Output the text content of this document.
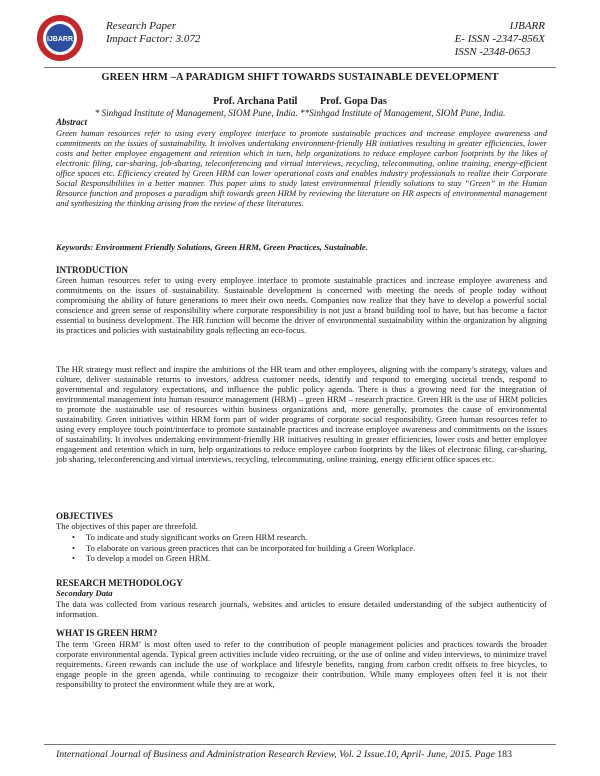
IJBARR
Research Paper
Impact Factor: 3.072
IJBARR
E- ISSN -2347-856X
ISSN -2348-0653
GREEN HRM –A PARADIGM SHIFT TOWARDS SUSTAINABLE DEVELOPMENT
Prof. Archana Patil Prof. Gopa Das
* Sinhgad Institute of Management, SIOM Pune, India. **Sinhgad Institute of Management, SIOM Pune, India.
Abstract
Green human resources refer to using every employee interface to promote sustainable practices and increase employee awareness and commitments on the issues of sustainability. It involves undertaking environment-friendly HR initiatives resulting in greater efficiencies, lower costs and better employee engagement and retention which in turn, help organizations to reduce employee carbon footprints by the likes of electronic filing, car-sharing, job-sharing, teleconferencing and virtual interviews, recycling, telecommuting, online training, energy-efficient office spaces etc. Efficiency created by Green HRM can lower operational costs and enables industry professionals to realize their Corporate Social Responsibilities in a better manner. This paper aims to study latest environmental friendly solutions to stay “Green” in the Human Resource function and proposes a paradigm shift towards green HRM by reviewing the literature on HR aspects of environmental management and synthesizing the thinking arising from the review of these literatures.
Keywords: Environment Friendly Solutions, Green HRM, Green Practices, Sustainable.
INTRODUCTION
Green human resources refer to using every employee interface to promote sustainable practices and increase employee awareness and commitments on the issues of sustainability. Sustainable development is concerned with meeting the needs of people today without compromising the ability of future generations to meet their own needs. Companies now realize that they have to develop a powerful social conscience and green sense of responsibility where corporate responsibility is not just a brand building tool to have, but has become a factor essential to business development. The HR function will become the driver of environmental sustainability within the organization by aligning its practices and policies with sustainability goals reflecting an eco-focus.
The HR strategy must reflect and inspire the ambitions of the HR team and other employees, aligning with the company’s strategy, values and culture, deliver sustainable returns to investors, address customer needs, identify and respond to emerging societal trends, respond to governmental and regulatory expectations, and influence the public policy agenda. There is thus a growing need for the integration of environmental management into human resource management (HRM) – green HRM – research practice. Green HR is the use of HRM policies to promote the sustainable use of resources within business organizations and, more generally, promotes the cause of environmental sustainability. Green initiatives within HRM form part of wider programs of corporate social responsibility. Green human resources refer to using every employee touch point/interface to promote sustainable practices and increase employee awareness and commitments on the issues of sustainability. It involves undertaking environment-friendly HR initiatives resulting in greater efficiencies, lower costs and better employee engagement and retention which in turn, help organizations to reduce employee carbon footprints by the likes of electronic filing, car-sharing, job sharing, teleconferencing and virtual interviews, recycling, telecommuting, online training, energy efficient office spaces etc.
OBJECTIVES
The objectives of this paper are threefold.
• To indicate and study significant works on Green HRM research.
• To elaborate on various green practices that can be incorporated for building a Green Workplace.
• To develop a model on Green HRM.
RESEARCH METHODOLOGY
Secondary Data
The data was collected from various research journals, websites and articles to ensure detailed understanding of the subject authenticity of information.
WHAT IS GREEN HRM?
The term ‘Green HRM’ is most often used to refer to the contribution of people management policies and practices towards the broader corporate environmental agenda. Typical green activities include video recruiting, or the use of online and video interviews, to minimize travel requirements. Green rewards can include the use of workplace and lifestyle benefits, ranging from carbon credit offsets to free bicycles, to engage people in the green agenda, while continuing to recognize their contribution. While many employees often feel it is not their responsibility to protect the environment while they are at work,
International Journal of Business and Administration Research Review, Vol. 2 Issue.10, April- June, 2015. Page 183
